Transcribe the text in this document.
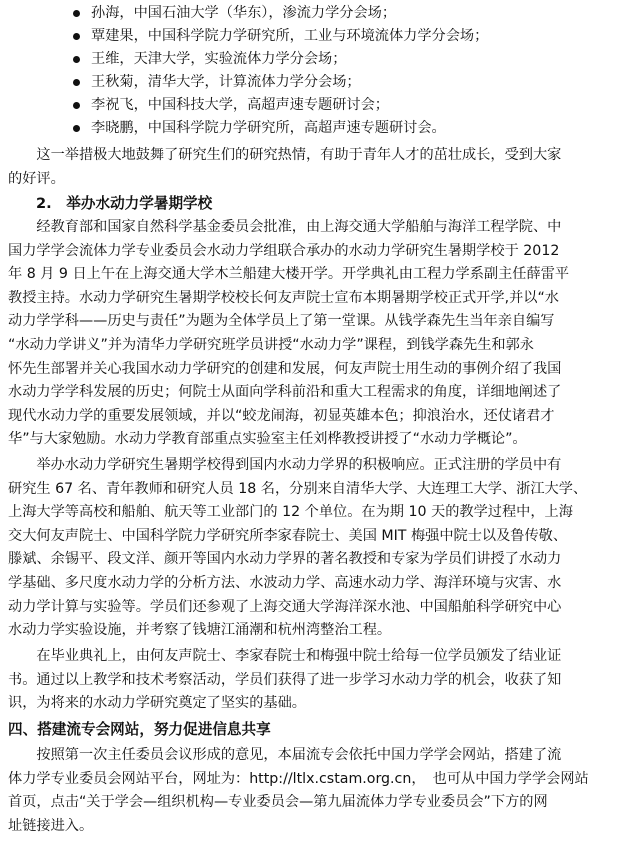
孙海，中国石油大学（华东），渗流力学分会场；
覃建果，中国科学院力学研究所，工业与环境流体力学分会场；
王维，天津大学，实验流体力学分会场；
王秋菊，清华大学，计算流体力学分会场；
李祝飞，中国科技大学，高超声速专题研讨会；
李晓鹏，中国科学院力学研究所，高超声速专题研讨会。

　　这一举措极大地鼓舞了研究生们的研究热情，有助于青年人才的茁壮成长，受到大家
的好评。

2.　举办水动力学暑期学校

　　经教育部和国家自然科学基金委员会批准，由上海交通大学船舶与海洋工程学院、中
国力学学会流体力学专业委员会水动力学组联合承办的水动力学研究生暑期学校于 2012
年 8 月 9 日上午在上海交通大学木兰船建大楼开学。开学典礼由工程力学系副主任薛雷平
教授主持。水动力学研究生暑期学校校长何友声院士宣布本期暑期学校正式开学,并以“水
动力学学科——历史与责任”为题为全体学员上了第一堂课。从钱学森先生当年亲自编写
“水动力学讲义”并为清华力学研究班学员讲授“水动力学”课程，到钱学森先生和郭永
怀先生部署并关心我国水动力学研究的创建和发展，何友声院士用生动的事例介绍了我国
水动力学学科发展的历史；何院士从面向学科前沿和重大工程需求的角度，详细地阐述了
现代水动力学的重要发展领域，并以“蛟龙闹海，初显英雄本色；抑浪治水，还仗诸君才
华”与大家勉励。水动力学教育部重点实验室主任刘桦教授讲授了“水动力学概论”。

　　举办水动力学研究生暑期学校得到国内水动力学界的积极响应。正式注册的学员中有
研究生 67 名、青年教师和研究人员 18 名，分别来自清华大学、大连理工大学、浙江大学、
上海大学等高校和船舶、航天等工业部门的 12 个单位。在为期 10 天的教学过程中，上海
交大何友声院士、中国科学院力学研究所李家春院士、美国 MIT 梅强中院士以及鲁传敬、
滕斌、余锡平、段文洋、颜开等国内水动力学界的著名教授和专家为学员们讲授了水动力
学基础、多尺度水动力学的分析方法、水波动力学、高速水动力学、海洋环境与灾害、水
动力学计算与实验等。学员们还参观了上海交通大学海洋深水池、中国船舶科学研究中心
水动力学实验设施，并考察了钱塘江涌潮和杭州湾整治工程。

　　在毕业典礼上，由何友声院士、李家春院士和梅强中院士给每一位学员颁发了结业证
书。通过以上教学和技术考察活动，学员们获得了进一步学习水动力学的机会，收获了知
识，为将来的水动力学研究奠定了坚实的基础。

四、搭建流专会网站，努力促进信息共享

　　按照第一次主任委员会议形成的意见，本届流专会依托中国力学学会网站，搭建了流
体力学专业委员会网站平台，网址为：http://ltlx.cstam.org.cn，　也可从中国力学学会网站
首页，点击“关于学会—组织机构—专业委员会—第九届流体力学专业委员会”下方的网
址链接进入。
